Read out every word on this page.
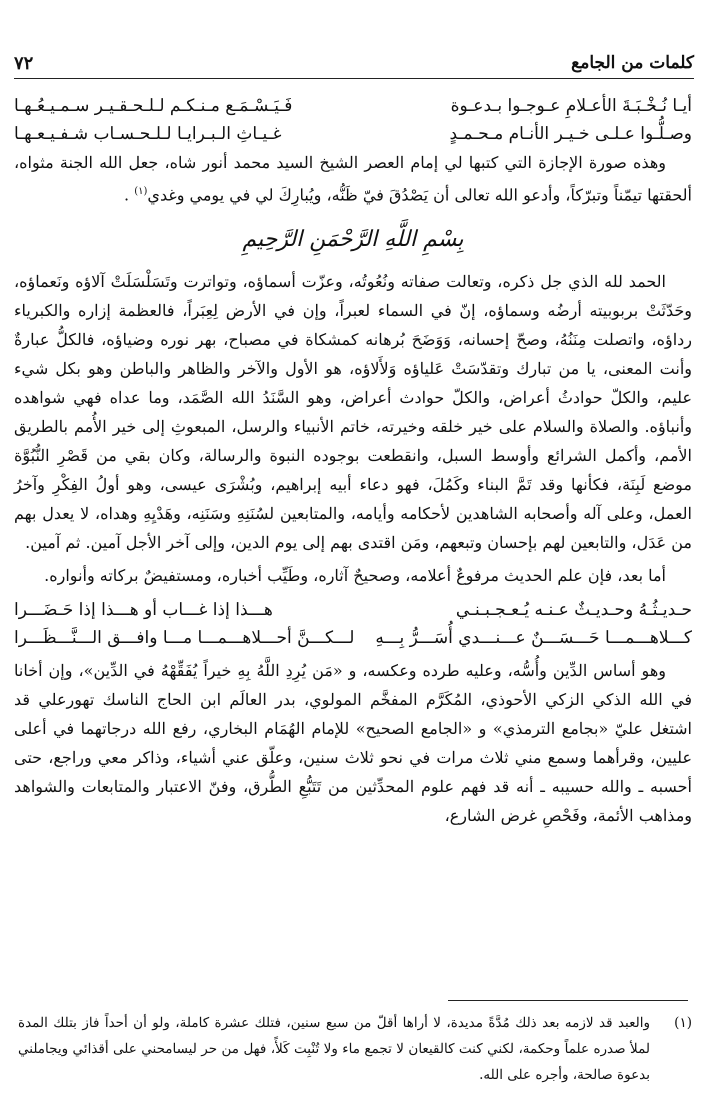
كلمات من الجامع
٧٢
أيـا نُـخْـبَـةَ الأعـلامِ عـوجـوا بـدعـوة
فَـيَـسْـمَـع مـنـكـم لـلـحـقـيـر سـمـيـعُـهـا
وصـلُّـوا عـلـى خـيـر الأنـام مـحـمـدٍ
غـيـاثِ الـبـرايـا لـلـحـسـاب شـفـيـعـهـا

وهذه صورة الإجازة التي كتبها لي إمام العصر الشيخ السيد محمد أنور شاه، جعل الله الجنة مثواه، ألحقتها تيمّناً وتبرّكاً، وأدعو الله تعالى أن يَصْدُقَ فيّ ظَنُّه، ويُبارِكَ لي في يومي وغدي$^{(١)}$ .

بِسْمِ اللَّهِ الرَّحْمَنِ الرَّحِيمِ

الحمد لله الذي جل ذكره، وتعالت صفاته ونُعُوتُه، وعزّت أسماؤه، وتواترت وتَسَلْسَلَتْ آلاؤه ونَعماؤه، وحَدّثَتْ بربوبيته أرضُه وسماؤه، إنّ في السماء لعبراً، وإن في الأرض لِعِبَراً، فالعظمة إزاره والكبرياء رداؤه، واتصلت مِنَنُهُ، وصحّ إحسانه، وَوَضَحَ بُرهانه كمشكاة في مصباح، بهر نوره وضياؤه، فالكلُّ عبارةٌ وأنت المعنى، يا من تبارك وتقدّسَتْ عَلياؤه وَلأَلاؤه، هو الأول والآخر والظاهر والباطن وهو بكل شيء عليم، والكلّ حوادثُ أعراض، والكلّ حوادث أعراض، وهو السَّنَدُ الله الصَّمَد، وما عداه فهي شواهده وأنباؤه. والصلاة والسلام على خير خلقه وخيرته، خاتم الأنبياء والرسل، المبعوثِ إلى خير الأُمم بالطريق الأمم، وأكمل الشرائع وأوسط السبل، وانقطعت بوجوده النبوة والرسالة، وكان بقي من قَصْرِ النُّبُوَّة موضع لَبِنَة، فكأنها وقد تَمَّ البناء وكَمُلَ، فهو دعاء أبيه إبراهيم، وبُشْرَى عيسى، وهو أولُ الفِكْرِ وآخرُ العمل، وعلى آله وأصحابه الشاهدين لأحكامه وأيامه، والمتابعين لسُنَنِهِ وسَنَنِه، وهَدْيِهِ وهداه، لا يعدل بهم من عَدَل، والتابعين لهم بإحسان وتبعهم، ومَن اقتدى بهم إلى يوم الدين، وإلى آخر الأجل آمين. ثم آمين.

أما بعد، فإن علم الحديث مرفوعٌ أعلامه، وصحيحٌ آثاره، وطَيِّب أخباره، ومستفيضٌ بركاته وأنواره.

حـديـثُـهُ وحـديـثٌ عـنـه يُـعـجـبـنـي
هـــذا إذا غـــاب أو هـــذا إذا حَـضَـــرا
كـــلاهـــمـــا حَـــسَـــنٌ عـــنـــدي أُسَـــرُّ بِـــهِ
لـــكـــنَّ أحـــلاهـــمـــا مـــا وافـــق الـــنَّـــظَـــرا

وهو أساس الدِّين وأُسُّه، وعليه طرده وعكسه، و «مَن يُرِدِ اللَّهُ بِهِ خيراً يُفَقِّهْهُ في الدِّين»، وإن أخانا في الله الذكي الزكي الأحوذي، المُكَرَّم المفخَّم المولوي، بدر العالَم ابن الحاج الناسك تهورعلي قد اشتغل عليّ «بجامع الترمذي» و «الجامع الصحيح» للإمام الهُمَام البخاري، رفع الله درجاتهما في أعلى عليين، وقرأهما وسمع مني ثلاث مرات في نحو ثلاث سنين، وعلّق عني أشياء، وذاكر معي وراجع، حتى أحسبه ـ والله حسيبه ـ أنه قد فهم علوم المحدِّثين من تَتَبُّعِ الطُّرق، وفنّ الاعتبار والمتابعات والشواهد ومذاهب الأئمة، وفَحْصِ غرض الشارع،

(١)
والعبد قد لازمه بعد ذلك مُدَّةً مديدة، لا أراها أقلّ من سبع سنين، فتلك عشرة كاملة، ولو أن أحداً فاز بتلك المدة لملأ صدره علماً وحكمة، لكني كنت كالقيعان لا تجمع ماء ولا تُنْبِت كَلأً، فهل من حر ليسامحني على أقذائي ويجاملني بدعوة صالحة، وأجره على الله.
